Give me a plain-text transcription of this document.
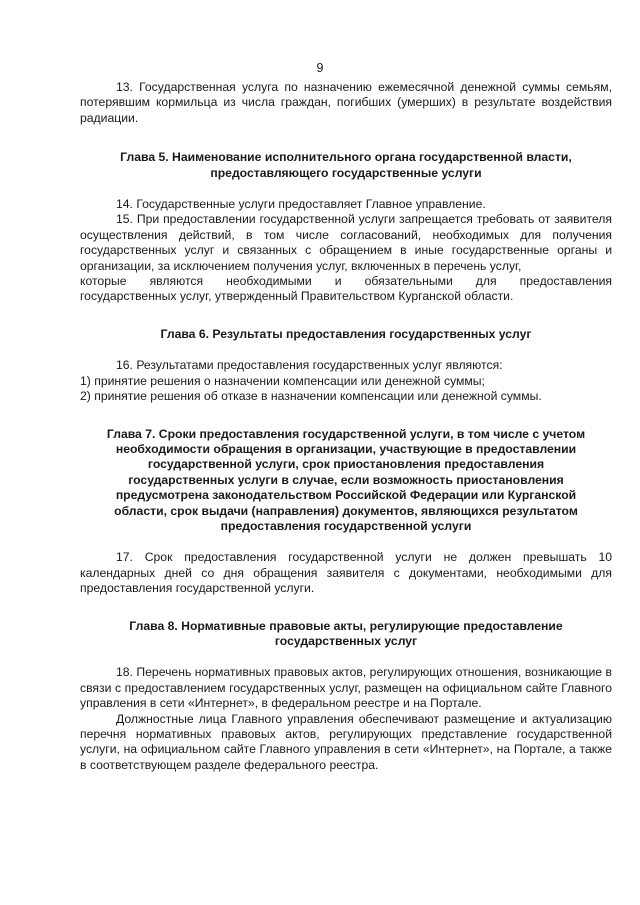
9

13. Государственная услуга по назначению ежемесячной денежной суммы семьям, потерявшим кормильца из числа граждан, погибших (умерших) в результате воздействия радиации.

Глава 5. Наименование исполнительного органа государственной власти,
предоставляющего государственные услуги

14. Государственные услуги предоставляет Главное управление.

15. При предоставлении государственной услуги запрещается требовать от заявителя осуществления действий, в том числе согласований, необходимых для получения государственных услуг и связанных с обращением в иные государственные органы и организации, за исключением получения услуг, включенных в перечень услуг,

которые являются необходимыми и обязательными для предоставления

государственных услуг, утвержденный Правительством Курганской области.

Глава 6. Результаты предоставления государственных услуг

16. Результатами предоставления государственных услуг являются:

1) принятие решения о назначении компенсации или денежной суммы;

2) принятие решения об отказе в назначении компенсации или денежной суммы.

Глава 7. Сроки предоставления государственной услуги, в том числе с учетом
необходимости обращения в организации, участвующие в предоставлении
государственной услуги, срок приостановления предоставления
государственных услуги в случае, если возможность приостановления
предусмотрена законодательством Российской Федерации или Курганской
области, срок выдачи (направления) документов, являющихся результатом
предоставления государственной услуги

17. Срок предоставления государственной услуги не должен превышать 10 календарных дней со дня обращения заявителя с документами, необходимыми для предоставления государственной услуги.

Глава 8. Нормативные правовые акты, регулирующие предоставление
государственных услуг

18. Перечень нормативных правовых актов, регулирующих отношения, возникающие в связи с предоставлением государственных услуг, размещен на официальном сайте Главного управления в сети «Интернет», в федеральном реестре и на Портале.

Должностные лица Главного управления обеспечивают размещение и актуализацию перечня нормативных правовых актов, регулирующих представление государственной услуги, на официальном сайте Главного управления в сети «Интернет», на Портале, а также в соответствующем разделе федерального реестра.
